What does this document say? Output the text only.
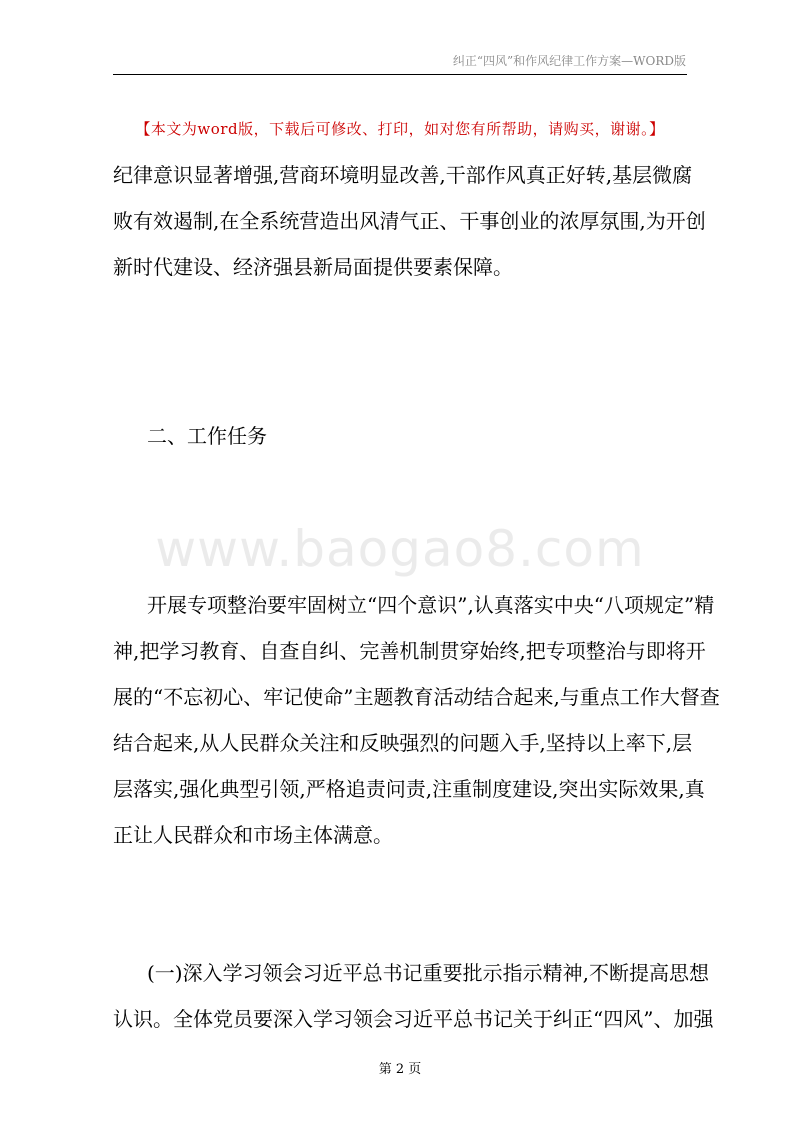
纠正“四风”和作风纪律工作方案—WORD版
【本文为word版，下载后可修改、打印，如对您有所帮助，请购买，谢谢。】
纪律意识显著增强,营商环境明显改善,干部作风真正好转,基层微腐
败有效遏制,在全系统营造出风清气正、干事创业的浓厚氛围,为开创
新时代建设、经济强县新局面提供要素保障。
二、工作任务
www.baogao8.com
开展专项整治要牢固树立“四个意识”,认真落实中央“八项规定”精
神,把学习教育、自查自纠、完善机制贯穿始终,把专项整治与即将开
展的“不忘初心、牢记使命”主题教育活动结合起来,与重点工作大督查
结合起来,从人民群众关注和反映强烈的问题入手,坚持以上率下,层
层落实,强化典型引领,严格追责问责,注重制度建设,突出实际效果,真
正让人民群众和市场主体满意。
(一)深入学习领会习近平总书记重要批示指示精神,不断提高思想
认识。全体党员要深入学习领会习近平总书记关于纠正“四风”、加强
第 2 页
